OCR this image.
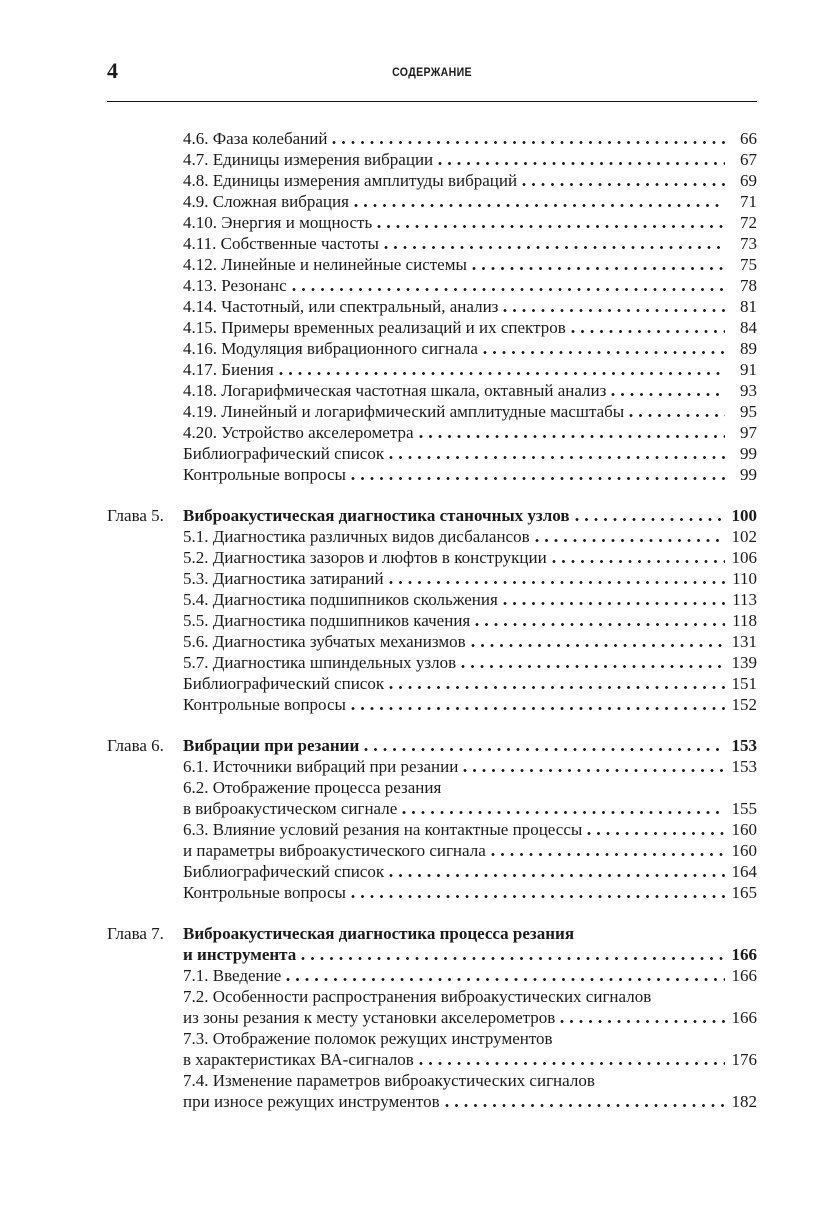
4	СОДЕРЖАНИЕ
4.6. Фаза колебаний	66
4.7. Единицы измерения вибрации	67
4.8. Единицы измерения амплитуды вибраций	69
4.9. Сложная вибрация	71
4.10. Энергия и мощность	72
4.11. Собственные частоты	73
4.12. Линейные и нелинейные системы	75
4.13. Резонанс	78
4.14. Частотный, или спектральный, анализ	81
4.15. Примеры временных реализаций и их спектров	84
4.16. Модуляция вибрационного сигнала	89
4.17. Биения	91
4.18. Логарифмическая частотная шкала, октавный анализ	93
4.19. Линейный и логарифмический амплитудные масштабы	95
4.20. Устройство акселерометра	97
Библиографический список	99
Контрольные вопросы	99
Глава 5.	Виброакустическая диагностика станочных узлов	100
5.1. Диагностика различных видов дисбалансов	102
5.2. Диагностика зазоров и люфтов в конструкции	106
5.3. Диагностика затираний	110
5.4. Диагностика подшипников скольжения	113
5.5. Диагностика подшипников качения	118
5.6. Диагностика зубчатых механизмов	131
5.7. Диагностика шпиндельных узлов	139
Библиографический список	151
Контрольные вопросы	152
Глава 6.	Вибрации при резании	153
6.1. Источники вибраций при резании	153
6.2. Отображение процесса резания
в виброакустическом сигнале	155
6.3. Влияние условий резания на контактные процессы	160
и параметры виброакустического сигнала	160
Библиографический список	164
Контрольные вопросы	165
Глава 7.	Виброакустическая диагностика процесса резания
и инструмента	166
7.1. Введение	166
7.2. Особенности распространения виброакустических сигналов
из зоны резания к месту установки акселерометров	166
7.3. Отображение поломок режущих инструментов
в характеристиках ВА-сигналов	176
7.4. Изменение параметров виброакустических сигналов
при износе режущих инструментов	182
